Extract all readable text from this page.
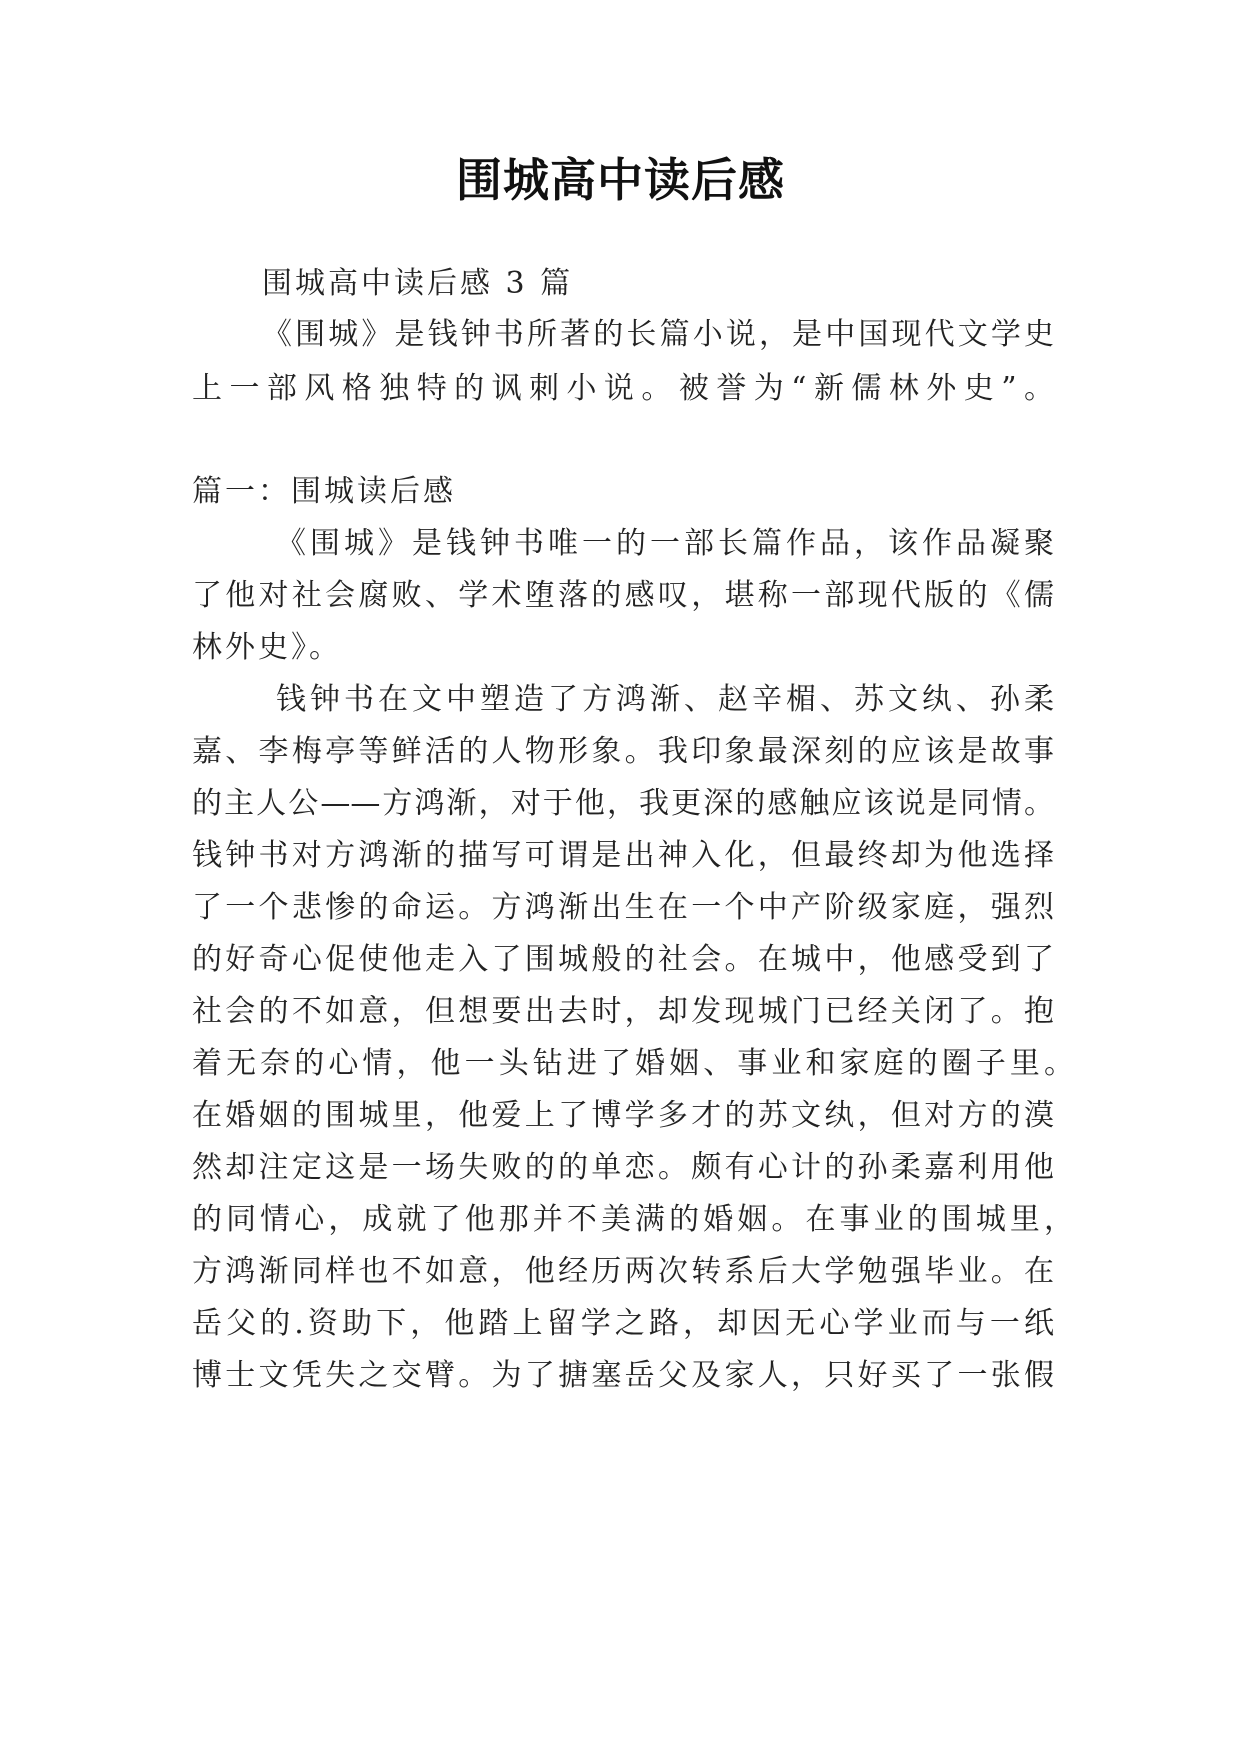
围城高中读后感
围城高中读后感 3 篇
《围城》是钱钟书所著的长篇小说，是中国现代文学史
上一部风格独特的讽刺小说。被誉为“新儒林外史”。
篇一：围城读后感
《围城》是钱钟书唯一的一部长篇作品，该作品凝聚
了他对社会腐败、学术堕落的感叹，堪称一部现代版的《儒
林外史》。
钱钟书在文中塑造了方鸿渐、赵辛楣、苏文纨、孙柔
嘉、李梅亭等鲜活的人物形象。我印象最深刻的应该是故事
的主人公——方鸿渐，对于他，我更深的感触应该说是同情。
钱钟书对方鸿渐的描写可谓是出神入化，但最终却为他选择
了一个悲惨的命运。方鸿渐出生在一个中产阶级家庭，强烈
的好奇心促使他走入了围城般的社会。在城中，他感受到了
社会的不如意，但想要出去时，却发现城门已经关闭了。抱
着无奈的心情，他一头钻进了婚姻、事业和家庭的圈子里。
在婚姻的围城里，他爱上了博学多才的苏文纨，但对方的漠
然却注定这是一场失败的的单恋。颇有心计的孙柔嘉利用他
的同情心，成就了他那并不美满的婚姻。在事业的围城里，
方鸿渐同样也不如意，他经历两次转系后大学勉强毕业。在
岳父的.资助下，他踏上留学之路，却因无心学业而与一纸
博士文凭失之交臂。为了搪塞岳父及家人，只好买了一张假
